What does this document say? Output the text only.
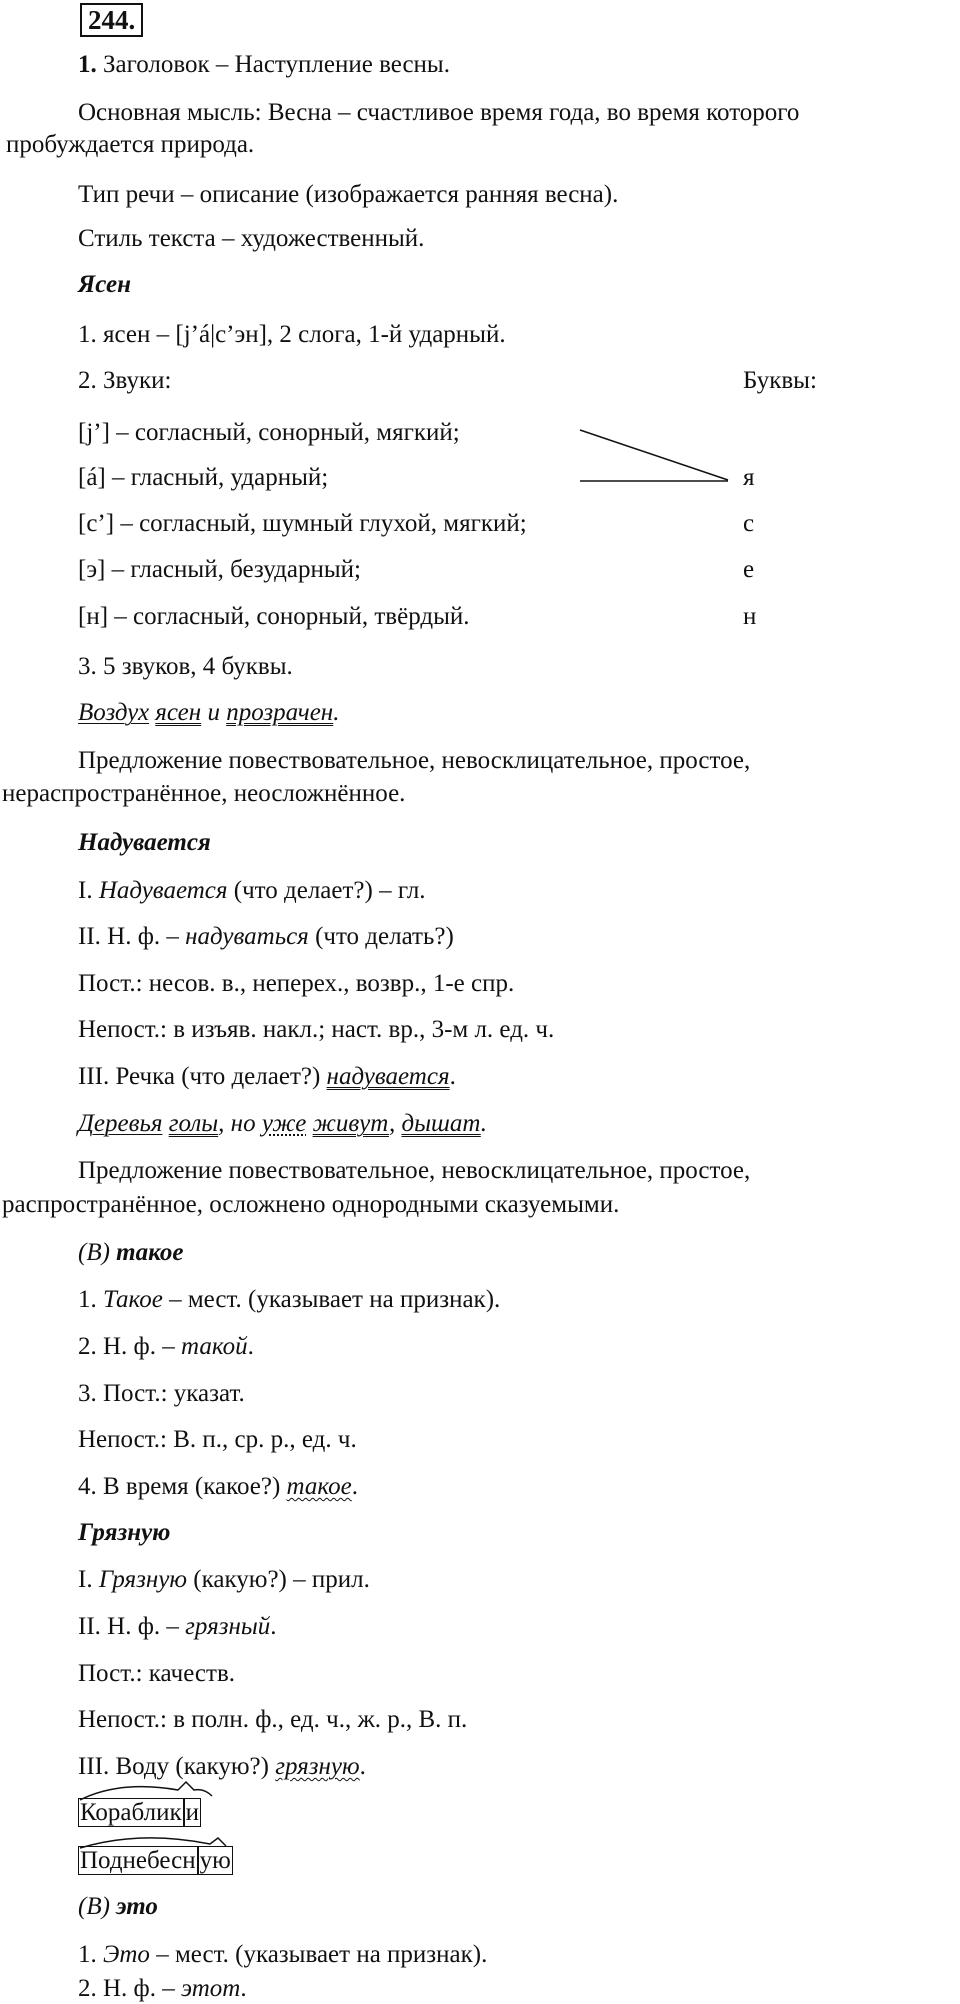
244.
1. Заголовок – Наступление весны.
Основная мысль: Весна – счастливое время года, во время которого
пробуждается природа.
Тип речи – описание (изображается ранняя весна).
Стиль текста – художественный.
Ясен
1. ясен – [j’á|с’эн], 2 слога, 1-й ударный.
2. Звуки:	Буквы:
[j’] – согласный, сонорный, мягкий;
[á] – гласный, ударный;
[с’] – согласный, шумный глухой, мягкий;
[э] – гласный, безударный;
[н] – согласный, сонорный, твёрдый.
я
с
е
н
3. 5 звуков, 4 буквы.
Воздух ясен и прозрачен.
Предложение повествовательное, невосклицательное, простое,
нераспространённое, неосложнённое.
Надувается
I. Надувается (что делает?) – гл.
II. Н. ф. – надуваться (что делать?)
Пост.: несов. в., неперех., возвр., 1-е спр.
Непост.: в изъяв. накл.; наст. вр., 3-м л. ед. ч.
III. Речка (что делает?) надувается.
Деревья голы, но уже живут, дышат.
Предложение повествовательное, невосклицательное, простое,
распространённое, осложнено однородными сказуемыми.
(В) такое
1. Такое – мест. (указывает на признак).
2. Н. ф. – такой.
3. Пост.: указат.
Непост.: В. п., ср. р., ед. ч.
4. В время (какое?) такое.
Грязную
I. Грязную (какую?) – прил.
II. Н. ф. – грязный.
Пост.: качеств.
Непост.: в полн. ф., ед. ч., ж. р., В. п.
III. Воду (какую?) грязную.
Кораблик и
Поднебесн ую
(В) это
1. Это – мест. (указывает на признак).
2. Н. ф. – этот.
